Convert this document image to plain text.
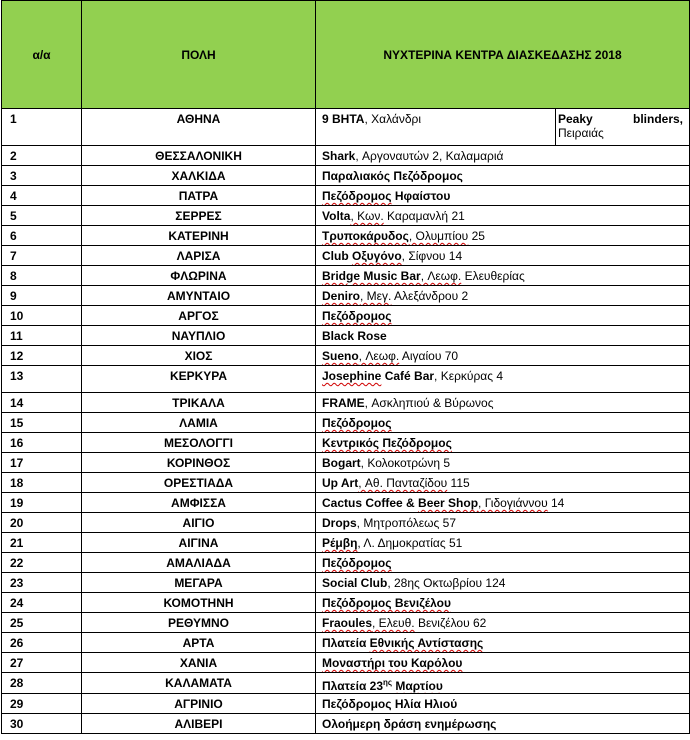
α/α	ΠΟΛΗ	ΝΥΧΤΕΡΙΝΑ ΚΕΝΤΡΑ ΔΙΑΣΚΕΔΑΣΗΣ 2018	
1	ΑΘΗΝΑ	9 ΒΗΤΑ, Χαλάνδρι	Peaky blinders,
Πειραιάς

2	ΘΕΣΣΑΛΟΝΙΚΗ	Shark, Αργοναυτών 2, Καλαμαριά	
3	ΧΑΛΚΙΔΑ	Παραλιακός Πεζόδρομος	
4	ΠΑΤΡΑ	Πεζόδρομος Ηφαίστου	
5	ΣΕΡΡΕΣ	Volta, Κων. Καραμανλή 21	
6	ΚΑΤΕΡΙΝΗ	Τρυποκάρυδος, Ολυμπίου 25	
7	ΛΑΡΙΣΑ	Club Οξυγόνο, Σίφνου 14	
8	ΦΛΩΡΙΝΑ	Bridge Music Bar, Λεωφ. Ελευθερίας	
9	ΑΜΥΝΤΑΙΟ	Deniro, Μεγ. Αλεξάνδρου 2	
10	ΑΡΓΟΣ	Πεζόδρομος	
11	ΝΑΥΠΛΙΟ	Black Rose	
12	ΧΙΟΣ	Sueno, Λεωφ. Αιγαίου 70	
13	ΚΕΡΚΥΡΑ	Josephine Café Bar, Κερκύρας 4	
14	ΤΡΙΚΑΛΑ	FRAME, Ασκληπιού & Βύρωνος	
15	ΛΑΜΙΑ	Πεζόδρομος	
16	ΜΕΣΟΛΟΓΓΙ	Κεντρικός Πεζόδρομος	
17	ΚΟΡΙΝΘΟΣ	Bogart, Κολοκοτρώνη 5	
18	ΟΡΕΣΤΙΑΔΑ	Up Art, Αθ. Πανταζίδου 115	
19	ΑΜΦΙΣΣΑ	Cactus Coffee & Beer Shop, Γιδογιάννου 14	
20	ΑΙΓΙΟ	Drops, Μητροπόλεως 57	
21	ΑΙΓΙΝΑ	Ρέμβη, Λ. Δημοκρατίας 51	
22	ΑΜΑΛΙΑΔΑ	Πεζόδρομος	
23	ΜΕΓΑΡΑ	Social Club, 28ης Οκτωβρίου 124	
24	ΚΟΜΟΤΗΝΗ	Πεζόδρομος Βενιζέλου	
25	ΡΕΘΥΜΝΟ	Fraoules, Ελευθ. Βενιζέλου 62	
26	ΑΡΤΑ	Πλατεία Εθνικής Αντίστασης	
27	ΧΑΝΙΑ	Μοναστήρι του Καρόλου	
28	ΚΑΛΑΜΑΤΑ	Πλατεία $23^{\eta\varsigma}$ Μαρτίου	
29	ΑΓΡΙΝΙΟ	Πεζόδρομος Ηλία Ηλιού	
30	ΑΛΙΒΕΡΙ	Ολοήμερη δράση ενημέρωσης	
